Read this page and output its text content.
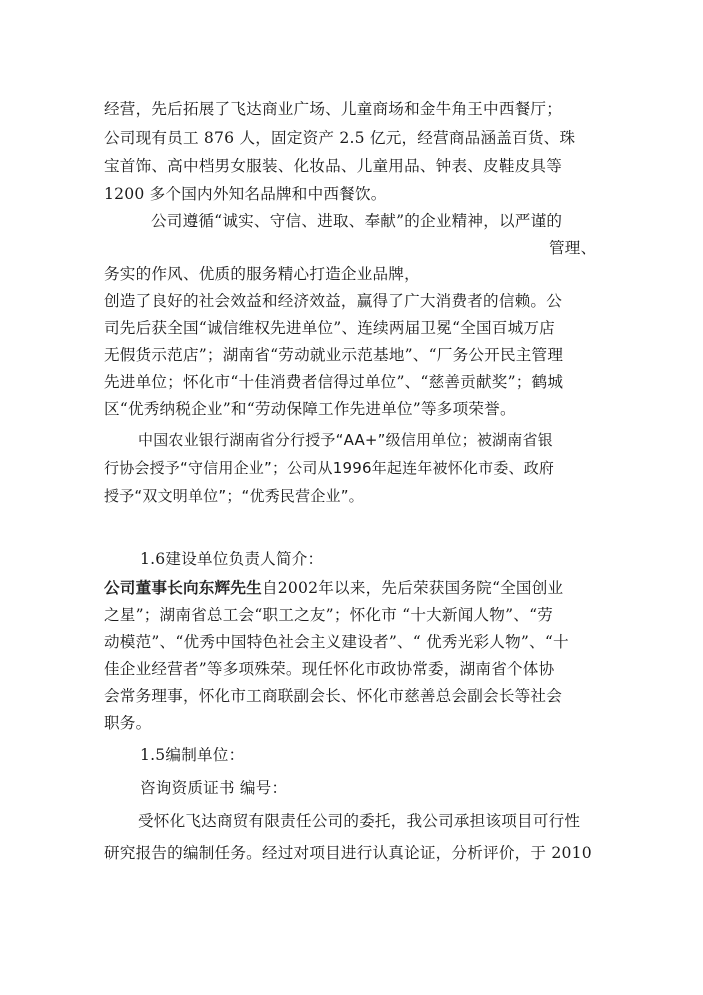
经营，先后拓展了飞达商业广场、儿童商场和金牛角王中西餐厅；
公司现有员工 876 人，固定资产 2.5 亿元，经营商品涵盖百货、珠
宝首饰、高中档男女服装、化妆品、儿童用品、钟表、皮鞋皮具等
1200 多个国内外知名品牌和中西餐饮。
公司遵循“诚实、守信、进取、奉献”的企业精神，以严谨的
管理、
务实的作风、优质的服务精心打造企业品牌，
创造了良好的社会效益和经济效益，赢得了广大消费者的信赖。公
司先后获全国“诚信维权先进单位”、连续两届卫冕“全国百城万店
无假货示范店”；湖南省“劳动就业示范基地”、“厂务公开民主管理
先进单位；怀化市“十佳消费者信得过单位”、“慈善贡献奖”；鹤城
区“优秀纳税企业”和“劳动保障工作先进单位”等多项荣誉。
中国农业银行湖南省分行授予“AA+”级信用单位；被湖南省银
行协会授予“守信用企业”；公司从1996年起连年被怀化市委、政府
授予“双文明单位”；“优秀民营企业”。
1.6建设单位负责人简介：
公司董事长向东辉先生自2002年以来，先后荣获国务院“全国创业
之星”；湖南省总工会“职工之友”；怀化市 “十大新闻人物”、“劳
动模范”、“优秀中国特色社会主义建设者”、“ 优秀光彩人物”、“十
佳企业经营者”等多项殊荣。现任怀化市政协常委，湖南省个体协
会常务理事，怀化市工商联副会长、怀化市慈善总会副会长等社会
职务。
1.5编制单位：
咨询资质证书 编号：
受怀化飞达商贸有限责任公司的委托，我公司承担该项目可行性
研究报告的编制任务。经过对项目进行认真论证，分析评价，于 2010
